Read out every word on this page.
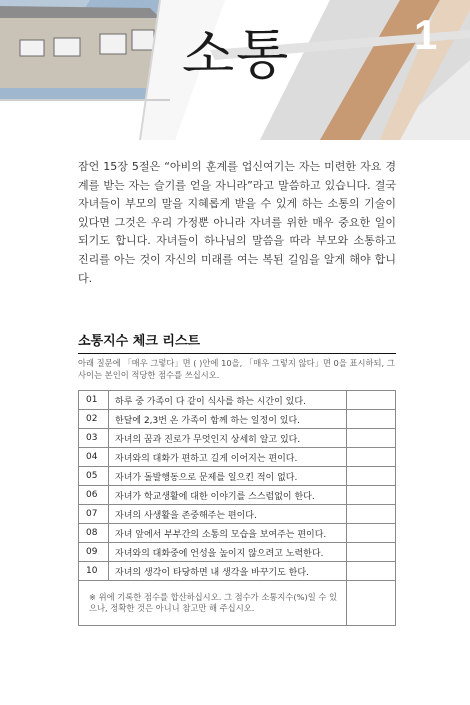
소통	1

잠언 15장 5절은 “아비의 훈계를 업신여기는 자는 미련한 자요 경계를 받는 자는 슬기를 얻을 자니라”라고 말씀하고 있습니다. 결국 자녀들이 부모의 말을 지혜롭게 받을 수 있게 하는 소통의 기술이 있다면 그것은 우리 가정뿐 아니라 자녀를 위한 매우 중요한 일이 되기도 합니다. 자녀들이 하나님의 말씀을 따라 부모와 소통하고 진리를 아는 것이 자신의 미래를 여는 복된 길임을 알게 해야 합니다.

소통지수 체크 리스트
아래 질문에 「매우 그렇다」면 ( )안에 10을, 「매우 그렇지 않다」면 0을 표시하되, 그 사이는 본인이 적당한 점수를 쓰십시오.
01	하루 중 가족이 다 같이 식사를 하는 시간이 있다.	
02	한달에 2,3번 온 가족이 함께 하는 일정이 있다.	
03	자녀의 꿈과 진로가 무엇인지 상세히 알고 있다.	
04	자녀와의 대화가 편하고 길게 이어지는 편이다.	
05	자녀가 돌발행동으로 문제를 일으킨 적이 없다.	
06	자녀가 학교생활에 대한 이야기를 스스럼없이 한다.	
07	자녀의 사생활을 존중해주는 편이다.	
08	자녀 앞에서 부부간의 소통의 모습을 보여주는 편이다.	
09	자녀와의 대화중에 언성을 높이지 않으려고 노력한다.	
10	자녀의 생각이 타당하면 내 생각을 바꾸기도 한다.	
※ 위에 기록한 점수를 합산하십시오. 그 점수가 소통지수(%)일 수 있으나, 정확한 것은 아니니 참고만 해 주십시오.		
